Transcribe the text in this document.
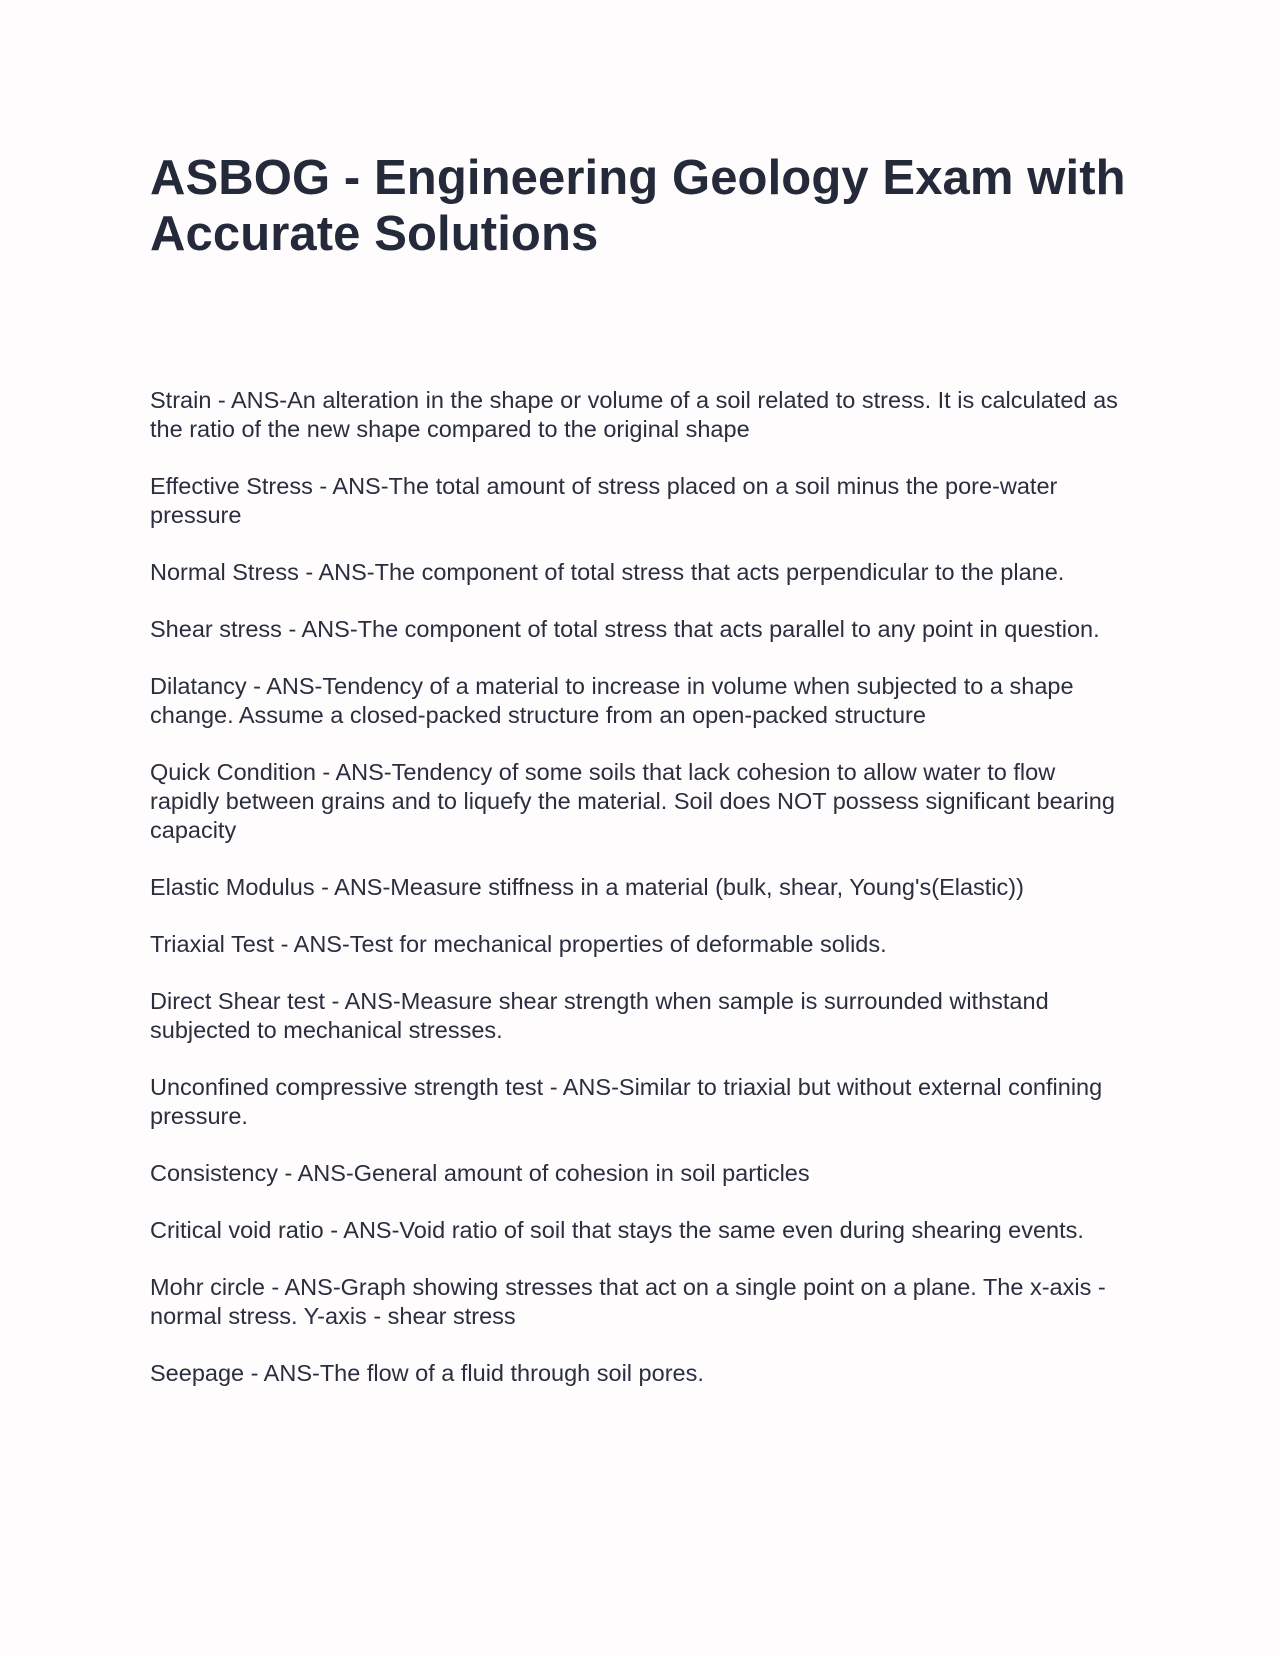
ASBOG - Engineering Geology Exam with Accurate Solutions

Strain - ANS-An alteration in the shape or volume of a soil related to stress. It is calculated as the ratio of the new shape compared to the original shape

Effective Stress - ANS-The total amount of stress placed on a soil minus the pore-water pressure

Normal Stress - ANS-The component of total stress that acts perpendicular to the plane.

Shear stress - ANS-The component of total stress that acts parallel to any point in question.

Dilatancy - ANS-Tendency of a material to increase in volume when subjected to a shape change. Assume a closed-packed structure from an open-packed structure

Quick Condition - ANS-Tendency of some soils that lack cohesion to allow water to flow rapidly between grains and to liquefy the material. Soil does NOT possess significant bearing capacity

Elastic Modulus - ANS-Measure stiffness in a material (bulk, shear, Young's(Elastic))

Triaxial Test - ANS-Test for mechanical properties of deformable solids.

Direct Shear test - ANS-Measure shear strength when sample is surrounded withstand subjected to mechanical stresses.

Unconfined compressive strength test - ANS-Similar to triaxial but without external confining pressure.

Consistency - ANS-General amount of cohesion in soil particles

Critical void ratio - ANS-Void ratio of soil that stays the same even during shearing events.

Mohr circle - ANS-Graph showing stresses that act on a single point on a plane. The x-axis - normal stress. Y-axis - shear stress

Seepage - ANS-The flow of a fluid through soil pores.
